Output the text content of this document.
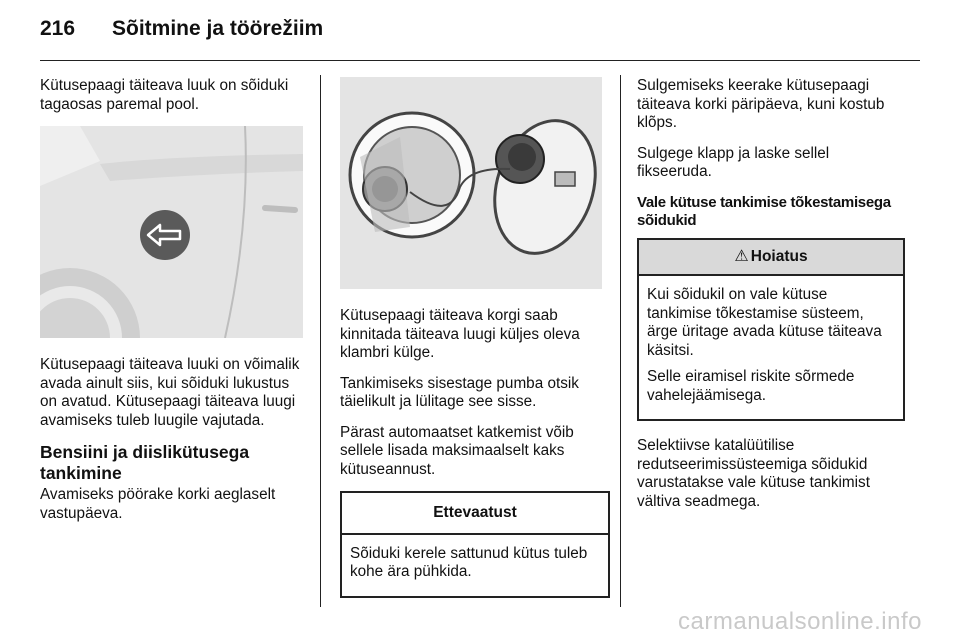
216 Sõitmine ja töörežiim

Kütusepaagi täiteava luuk on sõiduki tagaosas paremal pool.

Kütusepaagi täiteava luuki on võimalik avada ainult siis, kui sõiduki lukustus on avatud. Kütusepaagi täiteava luugi avamiseks tuleb luugile vajutada.

Bensiini ja diislikütusega tankimine

Avamiseks pöörake korki aeglaselt vastupäeva.

Kütusepaagi täiteava korgi saab kinnitada täiteava luugi küljes oleva klambri külge.

Tankimiseks sisestage pumba otsik täielikult ja lülitage see sisse.

Pärast automaatset katkemist võib sellele lisada maksimaalselt kaks kütuseannust.

Ettevaatust

Sõiduki kerele sattunud kütus tuleb kohe ära pühkida.

Sulgemiseks keerake kütusepaagi täiteava korki päripäeva, kuni kostub klõps.

Sulgege klapp ja laske sellel fikseeruda.

Vale kütuse tankimise tõkestamisega sõidukid
⚠ Hoiatus

Kui sõidukil on vale kütuse tankimise tõkestamise süsteem, ärge üritage avada kütuse täiteava käsitsi.

Selle eiramisel riskite sõrmede vahelejäämisega.

Selektiivse katalüütilise redutseerimissüsteemiga sõidukid varustatakse vale kütuse tankimist vältiva seadmega.

carmanualsonline.info
